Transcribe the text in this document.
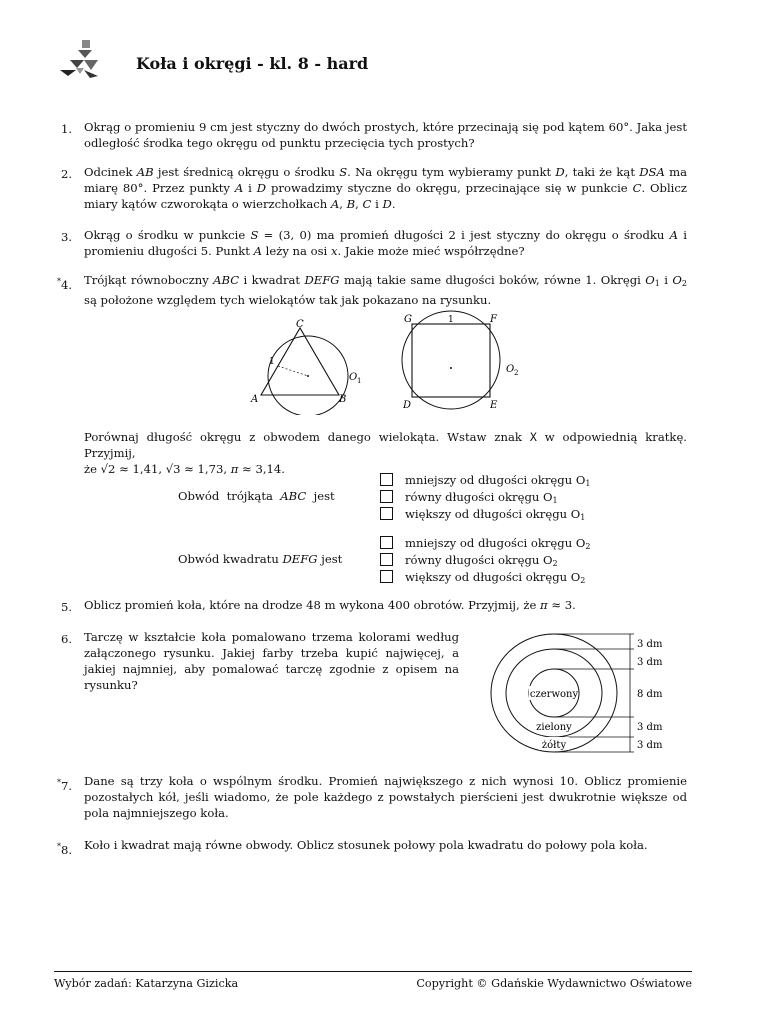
Koła i okręgi - kl. 8 - hard
1. Okrąg o promieniu 9 cm jest styczny do dwóch prostych, które przecinają się pod kątem 60°. Jaka jest odległość środka tego okręgu od punktu przecięcia tych prostych?
2. Odcinek AB jest średnicą okręgu o środku S. Na okręgu tym wybieramy punkt D, taki że kąt DSA ma miarę 80°. Przez punkty A i D prowadzimy styczne do okręgu, przecinające się w punkcie C. Oblicz miary kątów czworokąta o wierzchołkach A, B, C i D.
3. Okrąg o środku w punkcie S = (3, 0) ma promień długości 2 i jest styczny do okręgu o środku A i promieniu długości 5. Punkt A leży na osi x. Jakie może mieć współrzędne?
*4. Trójkąt równoboczny ABC i kwadrat DEFG mają takie same długości boków, równe 1. Okręgi $O_1$ i $O_2$ są położone względem tych wielokątów tak jak pokazano na rysunku.
C
A	B
1
O 1
G	F
D	E
1
O 2
Porównaj długość okręgu z obwodem danego wielokąta. Wstaw znak X w odpowiednią kratkę. Przyjmij,
że √2 ≈ 1,41, √3 ≈ 1,73, π ≈ 3,14.
Obwód  trójkąta  ABC  jest
mniejszy od długości okręgu $O_1$
równy długości okręgu $O_1$
większy od długości okręgu $O_1$
Obwód kwadratu DEFG jest
mniejszy od długości okręgu $O_2$
równy długości okręgu $O_2$
większy od długości okręgu $O_2$
5. Oblicz promień koła, które na drodze 48 m wykona 400 obrotów. Przyjmij, że π ≈ 3.
6. Tarczę w kształcie koła pomalowano trzema kolorami według załączonego rysunku. Jakiej farby trzeba kupić najwięcej, a jakiej najmniej, aby pomalować tarczę zgodnie z opisem na rysunku?
czerwony
zielony
żółty
3 dm
3 dm
8 dm
3 dm
3 dm
*7. Dane są trzy koła o wspólnym środku. Promień największego z nich wynosi 10. Oblicz promienie pozostałych kół, jeśli wiadomo, że pole każdego z powstałych pierścieni jest dwukrotnie większe od pola najmniejszego koła.
*8. Koło i kwadrat mają równe obwody. Oblicz stosunek połowy pola kwadratu do połowy pola koła.
Wybór zadań: Katarzyna Gizicka	Copyright © Gdańskie Wydawnictwo Oświatowe
